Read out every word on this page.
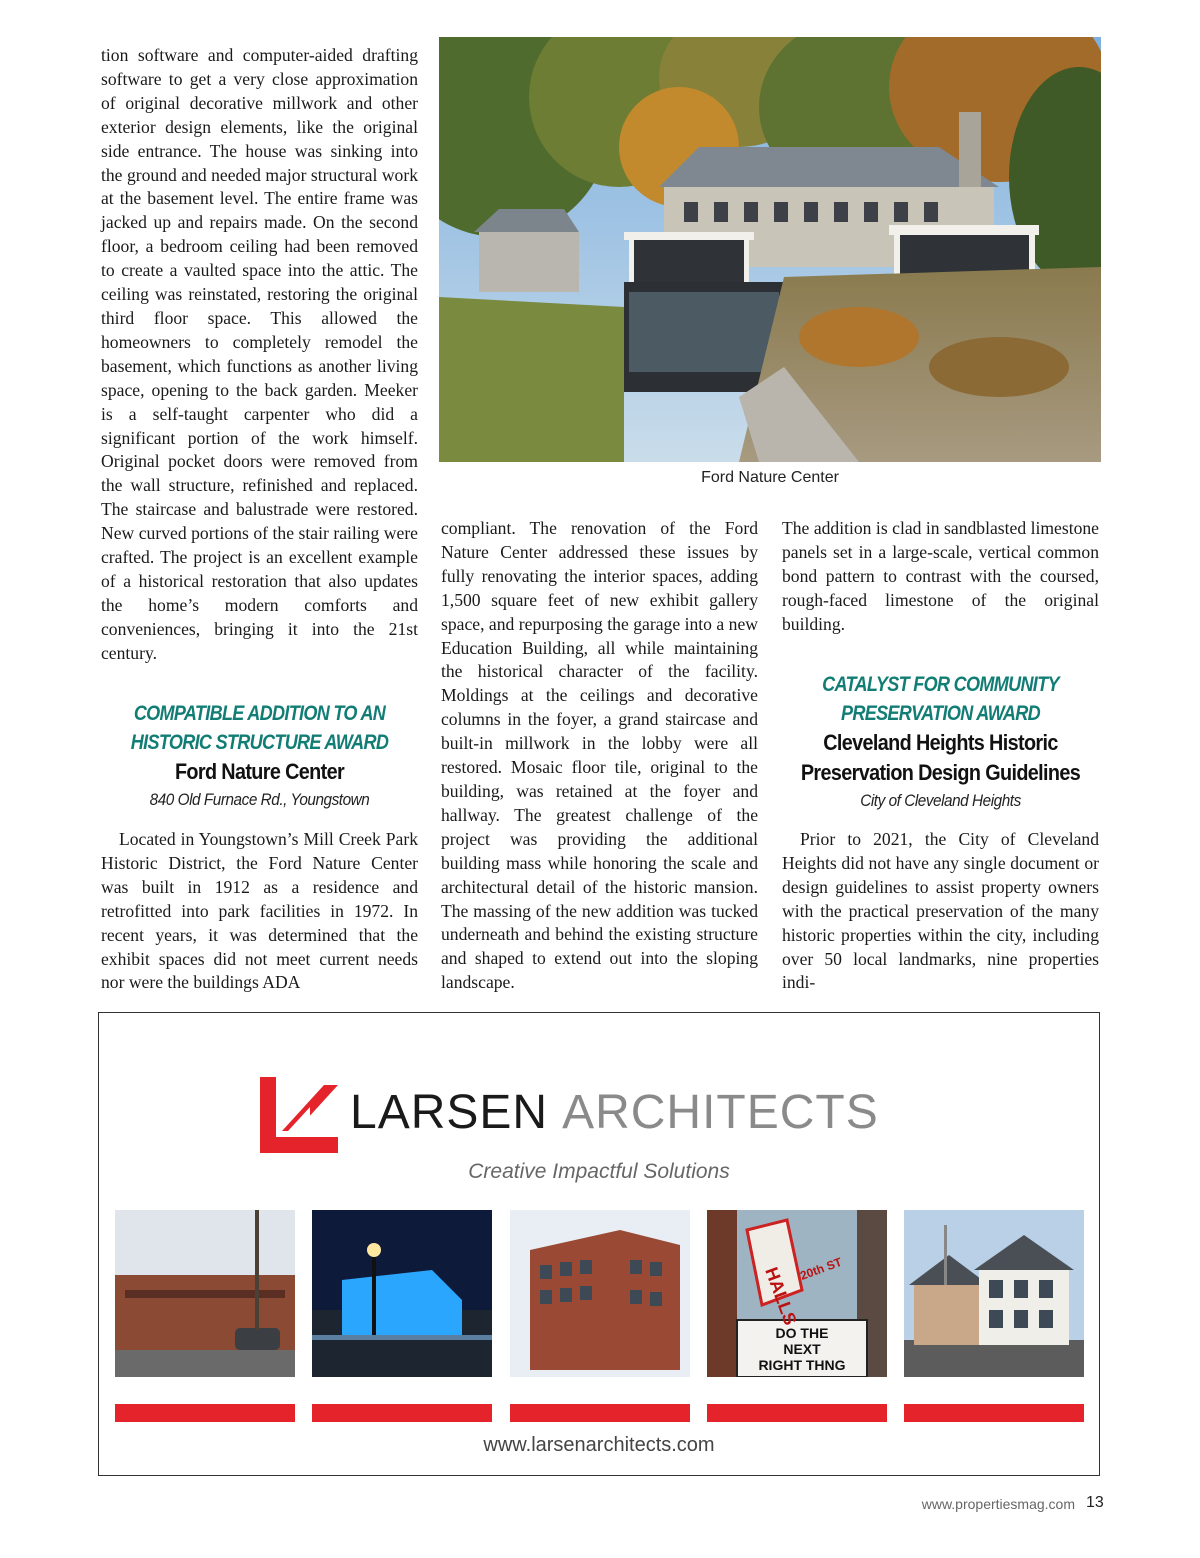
tion software and computer-aided drafting software to get a very close approximation of original decorative millwork and other exterior design elements, like the original side entrance. The house was sinking into the ground and needed major structural work at the basement level. The entire frame was jacked up and repairs made. On the second floor, a bedroom ceiling had been removed to create a vaulted space into the attic. The ceiling was reinstated, restoring the original third floor space. This allowed the homeowners to completely remodel the basement, which functions as another living space, opening to the back garden. Meeker is a self-taught carpenter who did a significant portion of the work himself. Original pocket doors were removed from the wall structure, refinished and replaced. The staircase and balustrade were restored. New curved portions of the stair railing were crafted. The project is an excellent example of a historical restoration that also updates the home’s modern comforts and conveniences, bringing it into the 21st century.

COMPATIBLE ADDITION TO AN
HISTORIC STRUCTURE AWARD
Ford Nature Center
840 Old Furnace Rd., Youngstown

Located in Youngstown’s Mill Creek Park Historic District, the Ford Nature Center was built in 1912 as a residence and retrofitted into park facilities in 1972. In recent years, it was determined that the exhibit spaces did not meet current needs nor were the buildings ADA

Ford Nature Center

compliant. The renovation of the Ford Nature Center addressed these issues by fully renovating the interior spaces, adding 1,500 square feet of new exhibit gallery space, and repurposing the garage into a new Education Building, all while maintaining the historical character of the facility. Moldings at the ceilings and decorative columns in the foyer, a grand staircase and built-in millwork in the lobby were all restored. Mosaic floor tile, original to the building, was retained at the foyer and hallway. The greatest challenge of the project was providing the additional building mass while honoring the scale and architectural detail of the historic mansion. The massing of the new addition was tucked underneath and behind the existing structure and shaped to extend out into the sloping landscape.

The addition is clad in sandblasted limestone panels set in a large-scale, vertical common bond pattern to contrast with the coursed, rough-faced limestone of the original building.

CATALYST FOR COMMUNITY
PRESERVATION AWARD
Cleveland Heights Historic
Preservation Design Guidelines
City of Cleveland Heights

Prior to 2021, the City of Cleveland Heights did not have any single document or design guidelines to assist property owners with the practical preservation of the many historic properties within the city, including over 50 local landmarks, nine properties indi-

LARSEN ARCHITECTS
Creative Impactful Solutions
HALLS
20th ST
DO THE
NEXT
RIGHT THNG
www.larsenarchitects.com
www.propertiesmag.com 13
